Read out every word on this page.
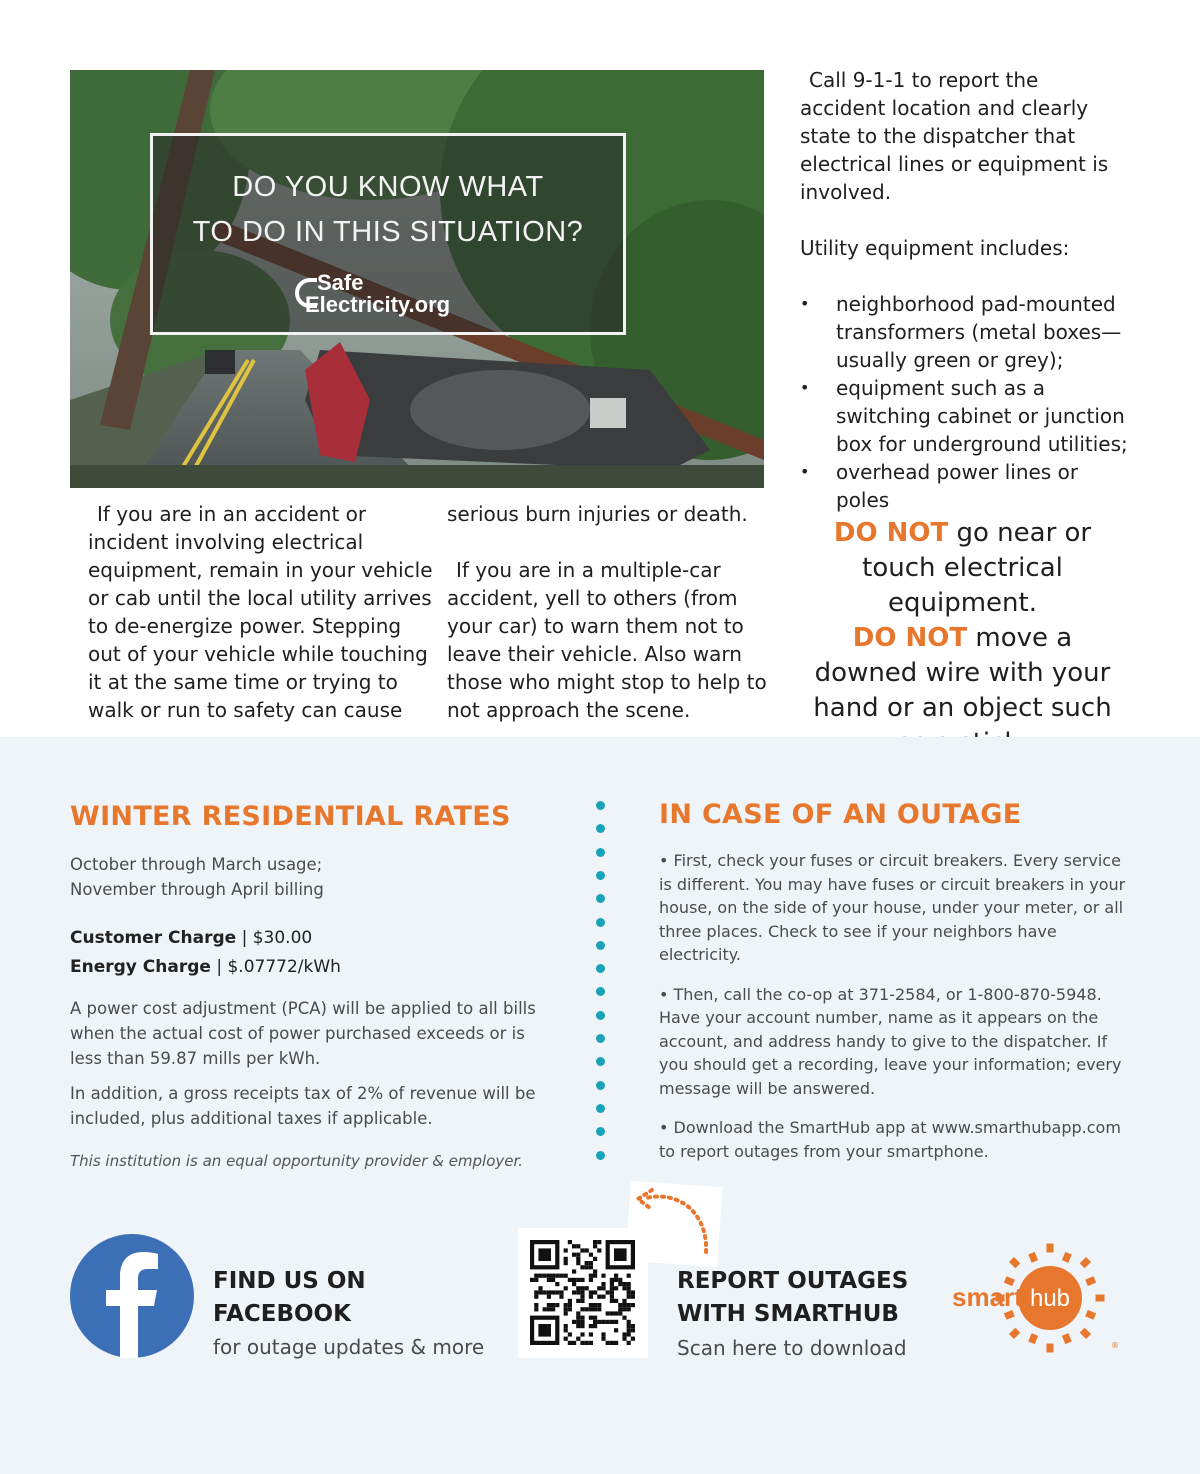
DO YOU KNOW WHAT
TO DO IN THIS SITUATION?
Safe
Electricity.org
If you are in an accident or incident involving electrical equipment, remain in your vehicle or cab until the local utility arrives to de-energize power. Stepping out of your vehicle while touching it at the same time or trying to walk or run to safety can cause
serious burn injuries or death.
If you are in a multiple-car accident, yell to others (from your car) to warn them not to leave their vehicle. Also warn those who might stop to help to not approach the scene.
Call 9-1-1 to report the accident location and clearly state to the dispatcher that electrical lines or equipment is involved.
Utility equipment includes:
• neighborhood pad-mounted transformers (metal boxes—usually green or grey);
• equipment such as a switching cabinet or junction box for underground utilities;
• overhead power lines or poles
DO NOT go near or touch electrical equipment.
DO NOT move a downed wire with your hand or an object such
WINTER RESIDENTIAL RATES
October through March usage;
November through April billing
Customer Charge | $30.00
Energy Charge | $.07772/kWh
A power cost adjustment (PCA) will be applied to all bills when the actual cost of power purchased exceeds or is less than 59.87 mills per kWh.
In addition, a gross receipts tax of 2% of revenue will be included, plus additional taxes if applicable.
This institution is an equal opportunity provider & employer.
IN CASE OF AN OUTAGE

• First, check your fuses or circuit breakers. Every service is different. You may have fuses or circuit breakers in your house, on the side of your house, under your meter, or all three places. Check to see if your neighbors have electricity.

• Then, call the co-op at 371-2584, or 1-800-870-5948. Have your account number, name as it appears on the account, and address handy to give to the dispatcher. If you should get a recording, leave your information; every message will be answered.

• Download the SmartHub app at www.smarthubapp.com to report outages from your smartphone.

FIND US ON
FACEBOOK
for outage updates & more
REPORT OUTAGES
WITH SMARTHUB
Scan here to download
smart hub
®
